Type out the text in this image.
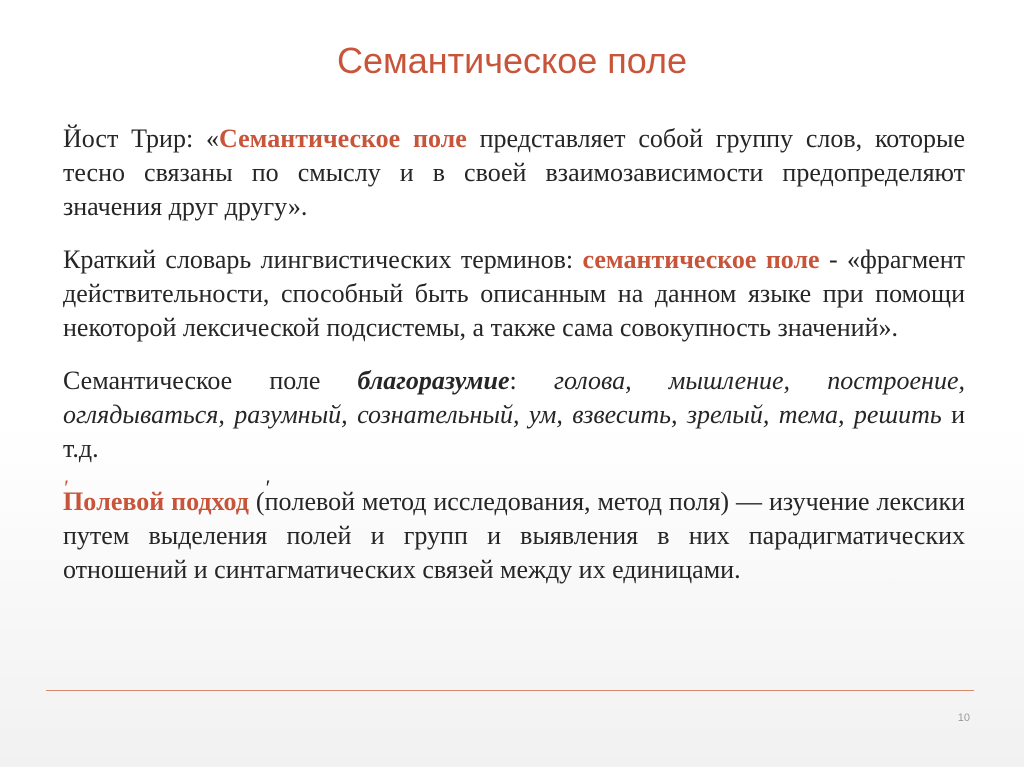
Семантическое поле

Йост Трир: «Семантическое поле представляет собой группу слов, которые тесно связаны по смыслу и в своей взаимозависимости предопределяют значения друг другу».

Краткий словарь лингвистических терминов: семантическое поле - «фрагмент действительности, способный быть описанным на данном языке при помощи некоторой лексической подсистемы, а также сама совокупность значений».

Семантическое поле благоразумие: голова, мышление, построение, оглядываться, разумный, сознательный, ум, взвесить, зрелый, тема, решить и т.д.

По ′левой подход (по ′левой метод исследования, метод поля) — изучение лексики путем выделения полей и групп и выявления в них парадигматических отношений и синтагматических связей между их единицами.

10
